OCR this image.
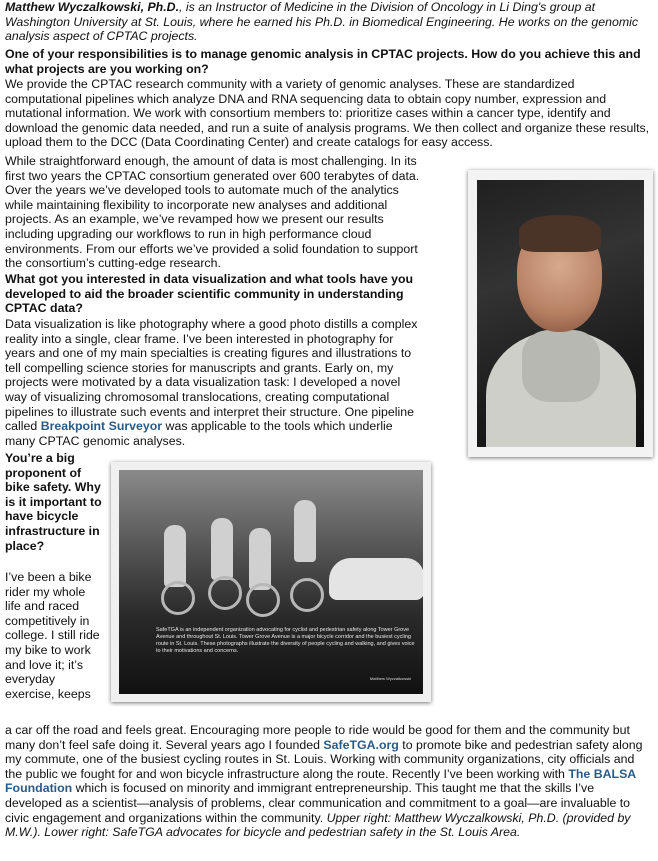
Matthew Wyczalkowski, Ph.D., is an Instructor of Medicine in the Division of Oncology in Li Ding's group at Washington University at St. Louis, where he earned his Ph.D. in Biomedical Engineering. He works on the genomic analysis aspect of CPTAC projects.

One of your responsibilities is to manage genomic analysis in CPTAC projects. How do you achieve this and what projects are you working on?

We provide the CPTAC research community with a variety of genomic analyses. These are standardized computational pipelines which analyze DNA and RNA sequencing data to obtain copy number, expression and mutational information. We work with consortium members to: prioritize cases within a cancer type, identify and download the genomic data needed, and run a suite of analysis programs. We then collect and organize these results, upload them to the DCC (Data Coordinating Center) and create catalogs for easy access.

While straightforward enough, the amount of data is most challenging. In its first two years the CPTAC consortium generated over 600 terabytes of data. Over the years we’ve developed tools to automate much of the analytics while maintaining flexibility to incorporate new analyses and additional projects. As an example, we’ve revamped how we present our results including upgrading our workflows to run in high performance cloud environments. From our efforts we’ve provided a solid foundation to support the consortium’s cutting-edge research.

What got you interested in data visualization and what tools have you developed to aid the broader scientific community in understanding CPTAC data?

Data visualization is like photography where a good photo distills a complex reality into a single, clear frame. I’ve been interested in photography for years and one of my main specialties is creating figures and illustrations to tell compelling science stories for manuscripts and grants. Early on, my projects were motivated by a data visualization task: I developed a novel way of visualizing chromosomal translocations, creating computational pipelines to illustrate such events and interpret their structure. One pipeline called Breakpoint Surveyor was applicable to the tools which underlie many CPTAC genomic analyses.

You’re a big proponent of bike safety. Why is it important to have bicycle infrastructure in place?

I’ve been a bike rider my whole life and raced competitively in college. I still ride my bike to work and love it; it’s everyday exercise, keeps

a car off the road and feels great. Encouraging more people to ride would be good for them and the community but many don’t feel safe doing it. Several years ago I founded SafeTGA.org to promote bike and pedestrian safety along my commute, one of the busiest cycling routes in St. Louis. Working with community organizations, city officials and the public we fought for and won bicycle infrastructure along the route. Recently I’ve been working with The BALSA Foundation which is focused on minority and immigrant entrepreneurship. This taught me that the skills I’ve developed as a scientist—analysis of problems, clear communication and commitment to a goal—are invaluable to civic engagement and organizations within the community. Upper right: Matthew Wyczalkowski, Ph.D. (provided by M.W.). Lower right: SafeTGA advocates for bicycle and pedestrian safety in the St. Louis Area.

SafeTGA is an independent organization advocating for cyclist and pedestrian safety along Tower Grove Avenue and throughout St. Louis. Tower Grove Avenue is a major bicycle corridor and the busiest cycling route in St. Louis. These photographs illustrate the diversity of people cycling and walking, and gives voice to their motivations and concerns.
Matthew Wyczalkowski
